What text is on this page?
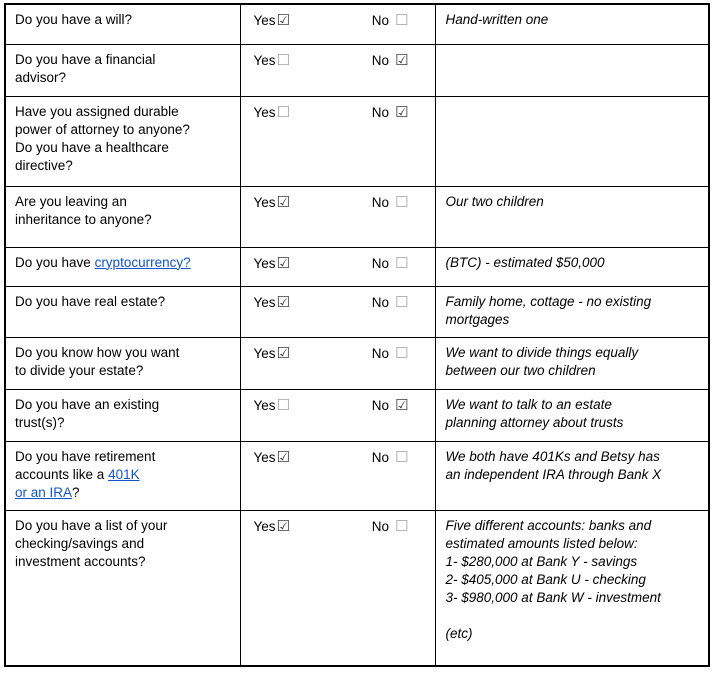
Do you have a will?	Yes☑ No ☐	Hand-written one

Do you have a financial
advisor?	Yes☐ No ☑	

Have you assigned durable
power of attorney to anyone?
Do you have a healthcare
directive?	Yes☐ No ☑	

Are you leaving an
inheritance to anyone?	Yes☑ No ☐	Our two children

Do you have cryptocurrency?	Yes☑ No ☐	(BTC) - estimated $50,000

Do you have real estate?	Yes☑	No ☐	Family home, cottage - no existing
mortgages

Do you know how you want
to divide your estate?	
Yes☑	No ☐	We want to divide things equally
between our two children

Do you have an existing
trust(s)?	
Yes☐	No ☑	We want to talk to an estate
planning attorney about trusts

Do you have retirement
accounts like a 401K
or an IRA?	
Yes☑	No ☐	We both have 401Ks and Betsy has
an independent IRA through Bank X

Do you have a list of your
checking/savings and
investment accounts?	
Yes☑	No ☐	Five different accounts: banks and
estimated amounts listed below:
1- $280,000 at Bank Y - savings
2- $405,000 at Bank U - checking
3- $980,000 at Bank W - investment
(etc)
